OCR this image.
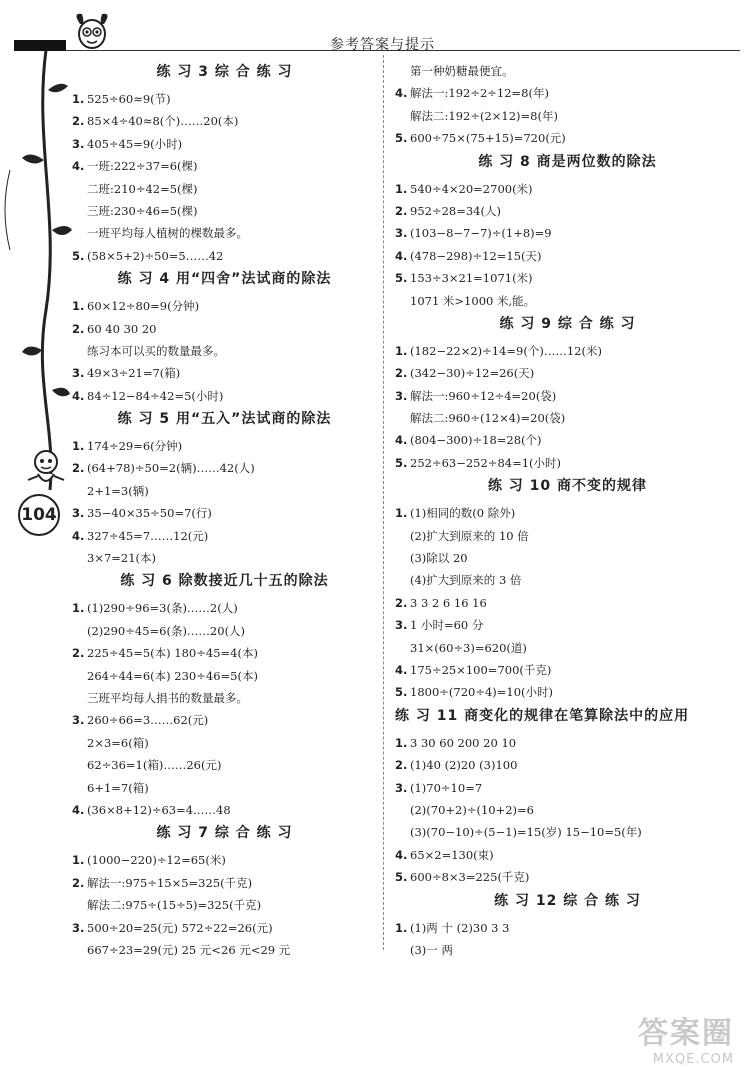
参考答案与提示
104
练 习 3 综 合 练 习
1. 525÷60≈9(节)
2. 85×4÷40≈8(个)……20(本)
3. 405÷45=9(小时)
4. 一班:222÷37=6(棵)
二班:210÷42=5(棵)
三班:230÷46=5(棵)
一班平均每人植树的棵数最多。
5. (58×5+2)÷50=5……42
练 习 4 用“四舍”法试商的除法
1. 60×12÷80=9(分钟)
2. 60 40 30 20
练习本可以买的数量最多。
3. 49×3÷21=7(箱)
4. 84÷12−84÷42=5(小时)
练 习 5 用“五入”法试商的除法
1. 174÷29=6(分钟)
2. (64+78)÷50=2(辆)……42(人)
2+1=3(辆)
3. 35−40×35÷50=7(行)
4. 327÷45=7……12(元)
3×7=21(本)
练 习 6 除数接近几十五的除法
1. (1)290÷96=3(条)……2(人)
(2)290÷45=6(条)……20(人)
2. 225÷45=5(本) 180÷45=4(本)
264÷44=6(本) 230÷46=5(本)
三班平均每人捐书的数量最多。
3. 260÷66=3……62(元)
2×3=6(箱)
62÷36=1(箱)……26(元)
6+1=7(箱)
4. (36×8+12)÷63=4……48
练 习 7 综 合 练 习
1. (1000−220)÷12=65(米)
2. 解法一:975÷15×5=325(千克)
解法二:975÷(15÷5)=325(千克)
3. 500÷20=25(元) 572÷22=26(元)
667÷23=29(元) 25 元<26 元<29 元
第一种奶糖最便宜。
4. 解法一:192÷2÷12=8(年)
解法二:192÷(2×12)=8(年)
5. 600÷75×(75+15)=720(元)
练 习 8 商是两位数的除法
1. 540÷4×20=2700(米)
2. 952÷28=34(人)
3. (103−8−7−7)÷(1+8)=9
4. (478−298)÷12=15(天)
5. 153÷3×21=1071(米)
1071 米>1000 米,能。
练 习 9 综 合 练 习
1. (182−22×2)÷14=9(个)……12(米)
2. (342−30)÷12=26(天)
3. 解法一:960÷12÷4=20(袋)
解法二:960÷(12×4)=20(袋)
4. (804−300)÷18=28(个)
5. 252÷63−252÷84=1(小时)
练 习 10 商不变的规律
1. (1)相同的数(0 除外)
(2)扩大到原来的 10 倍
(3)除以 20
(4)扩大到原来的 3 倍
2. 3 3 2 6 16 16
3. 1 小时=60 分
31×(60÷3)=620(道)
4. 175÷25×100=700(千克)
5. 1800÷(720÷4)=10(小时)
练 习 11 商变化的规律在笔算除法中的应用
1. 3 30 60 200 20 10
2. (1)40 (2)20 (3)100
3. (1)70÷10=7
(2)(70+2)÷(10+2)=6
(3)(70−10)÷(5−1)=15(岁) 15−10=5(年)
4. 65×2=130(束)
5. 600÷8×3=225(千克)
练 习 12 综 合 练 习
1. (1)两 十 (2)30 3 3
(3)一 两
答案圈
MXQE.COM
